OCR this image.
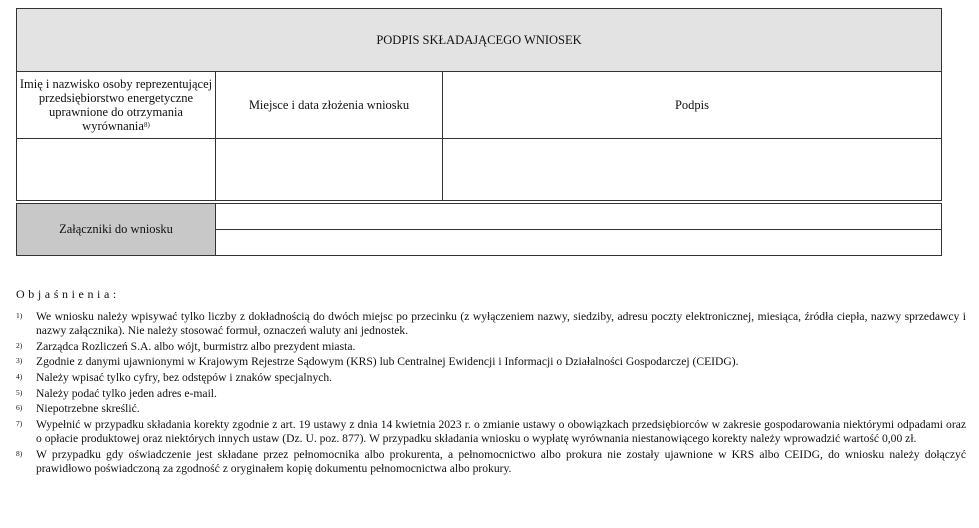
PODPIS SKŁADAJĄCEGO WNIOSEK		
Imię i nazwisko osoby reprezentującej przedsiębiorstwo energetyczne uprawnione do otrzymania wyrównania$^{8)}$	Miejsce i data złożenia wniosku	Podpis

Załączniki do wniosku	

Objaśnienia:
1) We wniosku należy wpisywać tylko liczby z dokładnością do dwóch miejsc po przecinku (z wyłączeniem nazwy, siedziby, adresu poczty elektronicznej, miesiąca, źródła ciepła, nazwy sprzedawcy i nazwy załącznika). Nie należy stosować formuł, oznaczeń waluty ani jednostek.
2) Zarządca Rozliczeń S.A. albo wójt, burmistrz albo prezydent miasta.
3) Zgodnie z danymi ujawnionymi w Krajowym Rejestrze Sądowym (KRS) lub Centralnej Ewidencji i Informacji o Działalności Gospodarczej (CEIDG).
4) Należy wpisać tylko cyfry, bez odstępów i znaków specjalnych.
5) Należy podać tylko jeden adres e-mail.
6) Niepotrzebne skreślić.
7) Wypełnić w przypadku składania korekty zgodnie z art. 19 ustawy z dnia 14 kwietnia 2023 r. o zmianie ustawy o obowiązkach przedsiębiorców w zakresie gospodarowania niektórymi odpadami oraz o opłacie produktowej oraz niektórych innych ustaw (Dz. U. poz. 877). W przypadku składania wniosku o wypłatę wyrównania niestanowiącego korekty należy wprowadzić wartość 0,00 zł.
8) W przypadku gdy oświadczenie jest składane przez pełnomocnika albo prokurenta, a pełnomocnictwo albo prokura nie zostały ujawnione w KRS albo CEIDG, do wniosku należy dołączyć prawidłowo poświadczoną za zgodność z oryginałem kopię dokumentu pełnomocnictwa albo prokury.
